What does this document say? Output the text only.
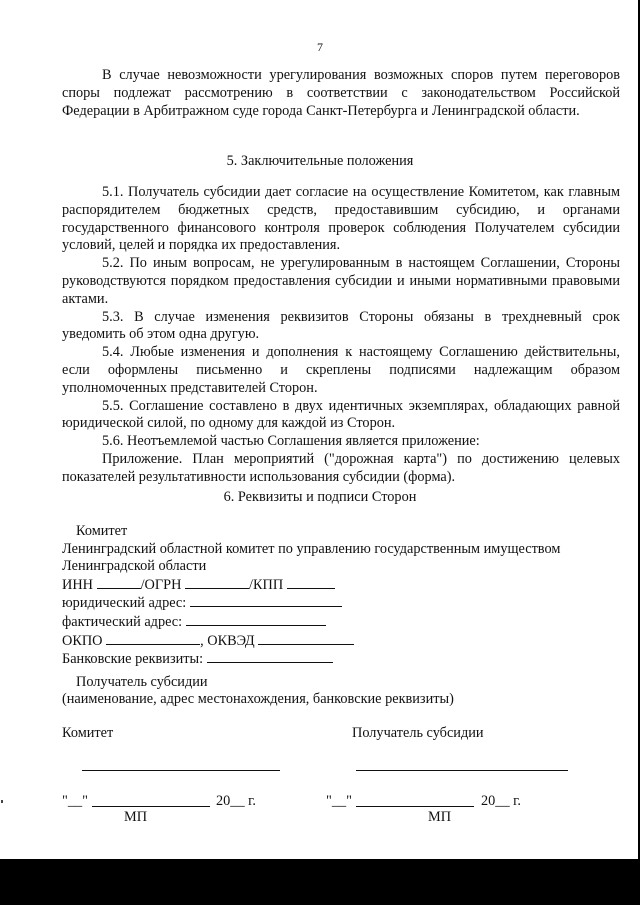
7

В случае невозможности урегулирования возможных споров путем переговоров споры подлежат рассмотрению в соответствии с законодательством Российской Федерации в Арбитражном суде города Санкт-Петербурга и Ленинградской области.

5. Заключительные положения

5.1. Получатель субсидии дает согласие на осуществление Комитетом, как главным распорядителем бюджетных средств, предоставившим субсидию, и органами государственного финансового контроля проверок соблюдения Получателем субсидии условий, целей и порядка их предоставления.

5.2. По иным вопросам, не урегулированным в настоящем Соглашении, Стороны руководствуются порядком предоставления субсидии и иными нормативными правовыми актами.

5.3. В случае изменения реквизитов Стороны обязаны в трехдневный срок уведомить об этом одна другую.

5.4. Любые изменения и дополнения к настоящему Соглашению действительны, если оформлены письменно и скреплены подписями надлежащим образом уполномоченных представителей Сторон.

5.5. Соглашение составлено в двух идентичных экземплярах, обладающих равной юридической силой, по одному для каждой из Сторон.

5.6. Неотъемлемой частью Соглашения является приложение:

Приложение. План мероприятий ("дорожная карта") по достижению целевых показателей результативности использования субсидии (форма).

6. Реквизиты и подписи Сторон
Комитет
Ленинградский областной комитет по управлению государственным имуществом Ленинградской области
ИНН	/ОГРН	/КПП
юридический адрес:
фактический адрес:
ОКПО	, ОКВЭД
Банковские реквизиты:
Получатель субсидии
(наименование, адрес местонахождения, банковские реквизиты)
Комитет	Получатель субсидии
"__"	20__ г.	"__"	20__ г.
МП	МП
